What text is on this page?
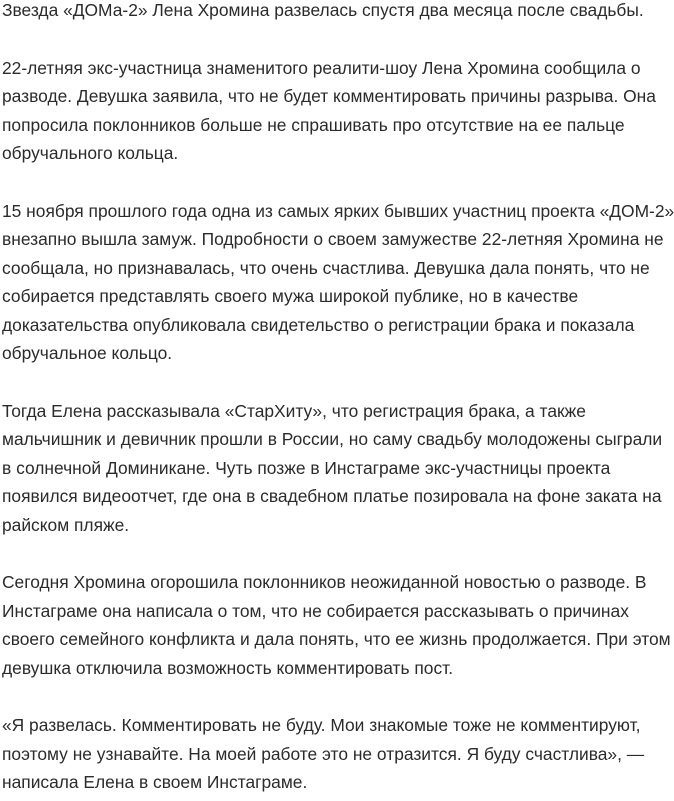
Звезда «ДОМа-2» Лена Хромина развелась спустя два месяца после свадьбы.

22-летняя экс-участница знаменитого реалити-шоу Лена Хромина сообщила о
разводе. Девушка заявила, что не будет комментировать причины разрыва. Она
попросила поклонников больше не спрашивать про отсутствие на ее пальце
обручального кольца.
15 ноября прошлого года одна из самых ярких бывших участниц проекта «ДОМ-2»
внезапно вышла замуж. Подробности о своем замужестве 22-летняя Хромина не
сообщала, но признавалась, что очень счастлива. Девушка дала понять, что не
собирается представлять своего мужа широкой публике, но в качестве
доказательства опубликовала свидетельство о регистрации брака и показала
обручальное кольцо.
Тогда Елена рассказывала «СтарХиту», что регистрация брака, а также
мальчишник и девичник прошли в России, но саму свадьбу молодожены сыграли
в солнечной Доминикане. Чуть позже в Инстаграме экс-участницы проекта
появился видеоотчет, где она в свадебном платье позировала на фоне заката на
райском пляже.
Сегодня Хромина огорошила поклонников неожиданной новостью о разводе. В
Инстаграме она написала о том, что не собирается рассказывать о причинах
своего семейного конфликта и дала понять, что ее жизнь продолжается. При этом
девушка отключила возможность комментировать пост.
«Я развелась. Комментировать не буду. Мои знакомые тоже не комментируют,
поэтому не узнавайте. На моей работе это не отразится. Я буду счастлива», —
написала Елена в своем Инстаграме.
